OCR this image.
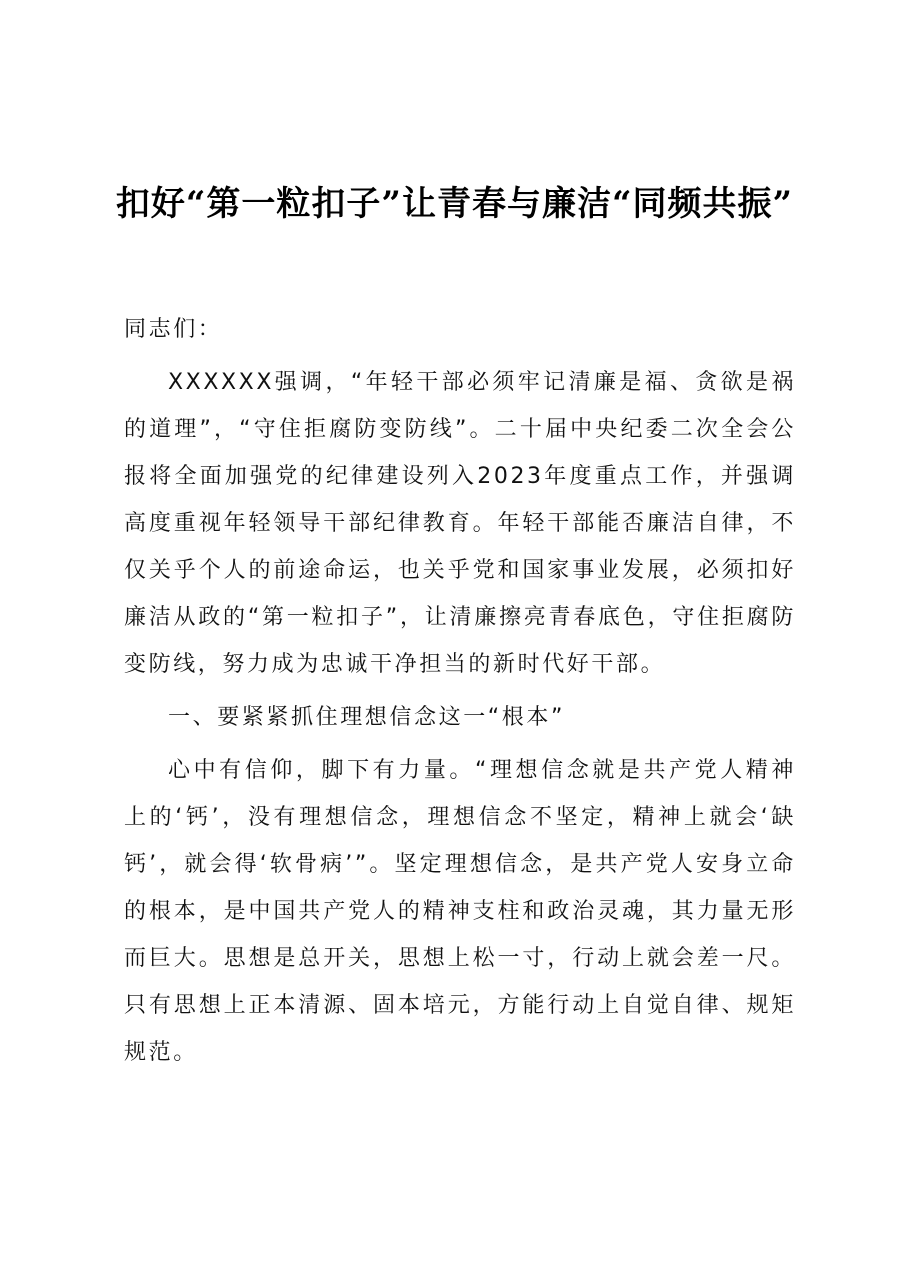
扣好“第一粒扣子”让青春与廉洁“同频共振”

同志们：

XXXXXX强调，“年轻干部必须牢记清廉是福、贪欲是祸的道理”，“守住拒腐防变防线”。二十届中央纪委二次全会公报将全面加强党的纪律建设列入2023年度重点工作，并强调高度重视年轻领导干部纪律教育。年轻干部能否廉洁自律，不仅关乎个人的前途命运，也关乎党和国家事业发展，必须扣好廉洁从政的“第一粒扣子”，让清廉擦亮青春底色，守住拒腐防变防线，努力成为忠诚干净担当的新时代好干部。

一、要紧紧抓住理想信念这一“根本”

心中有信仰，脚下有力量。“理想信念就是共产党人精神上的‘钙’，没有理想信念，理想信念不坚定，精神上就会‘缺钙’，就会得‘软骨病’”。坚定理想信念，是共产党人安身立命的根本，是中国共产党人的精神支柱和政治灵魂，其力量无形而巨大。思想是总开关，思想上松一寸，行动上就会差一尺。只有思想上正本清源、固本培元，方能行动上自觉自律、规矩规范。
